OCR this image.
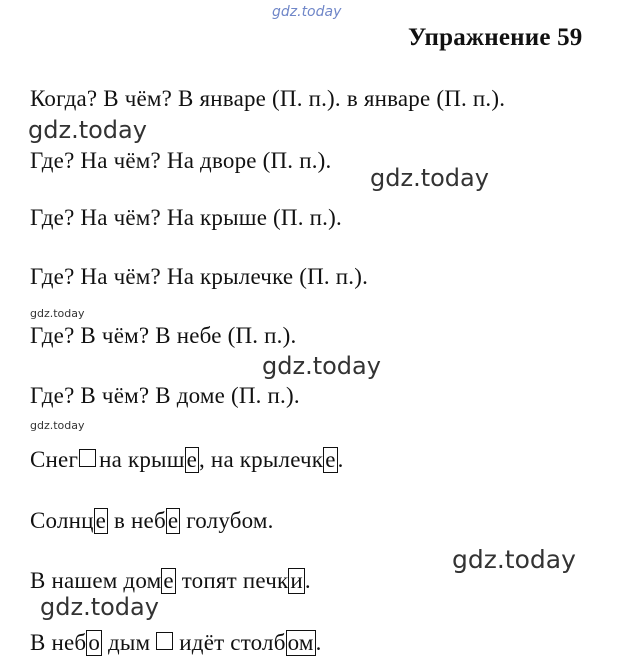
gdz.today
Упражнение 59
Когда? В чём? В январе (П. п.). в январе (П. п.).
gdz.today
Где? На чём? На дворе (П. п.).
gdz.today
Где? На чём? На крыше (П. п.).
Где? На чём? На крылечке (П. п.).
gdz.today
Где? В чём? В небе (П. п.).
gdz.today
Где? В чём? В доме (П. п.).
gdz.today
Снег на крыше, на крылечке.
Солнце в небе голубом.
gdz.today
В нашем доме топят печки.
gdz.today
В небо дым идёт столбом.
